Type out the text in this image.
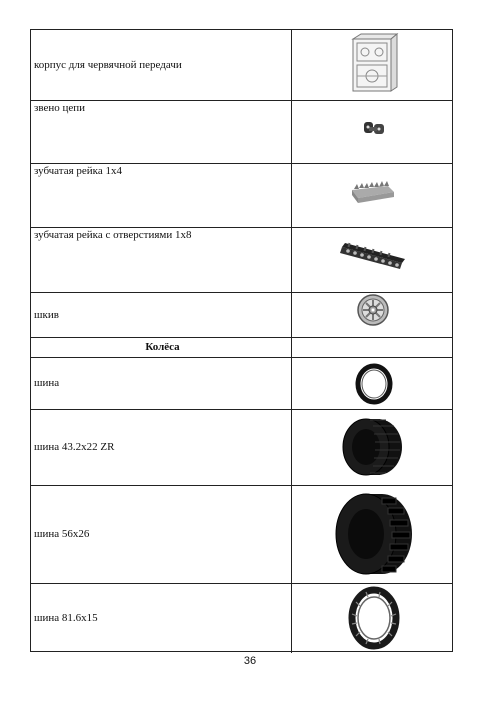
корпус для червячной передачи
звено цепи
зубчатая рейка 1х4
зубчатая рейка с отверстиями 1х8
шкив
Колёса
шина
шина 43.2х22 ZR
шина 56х26
шина 81.6х15
36
